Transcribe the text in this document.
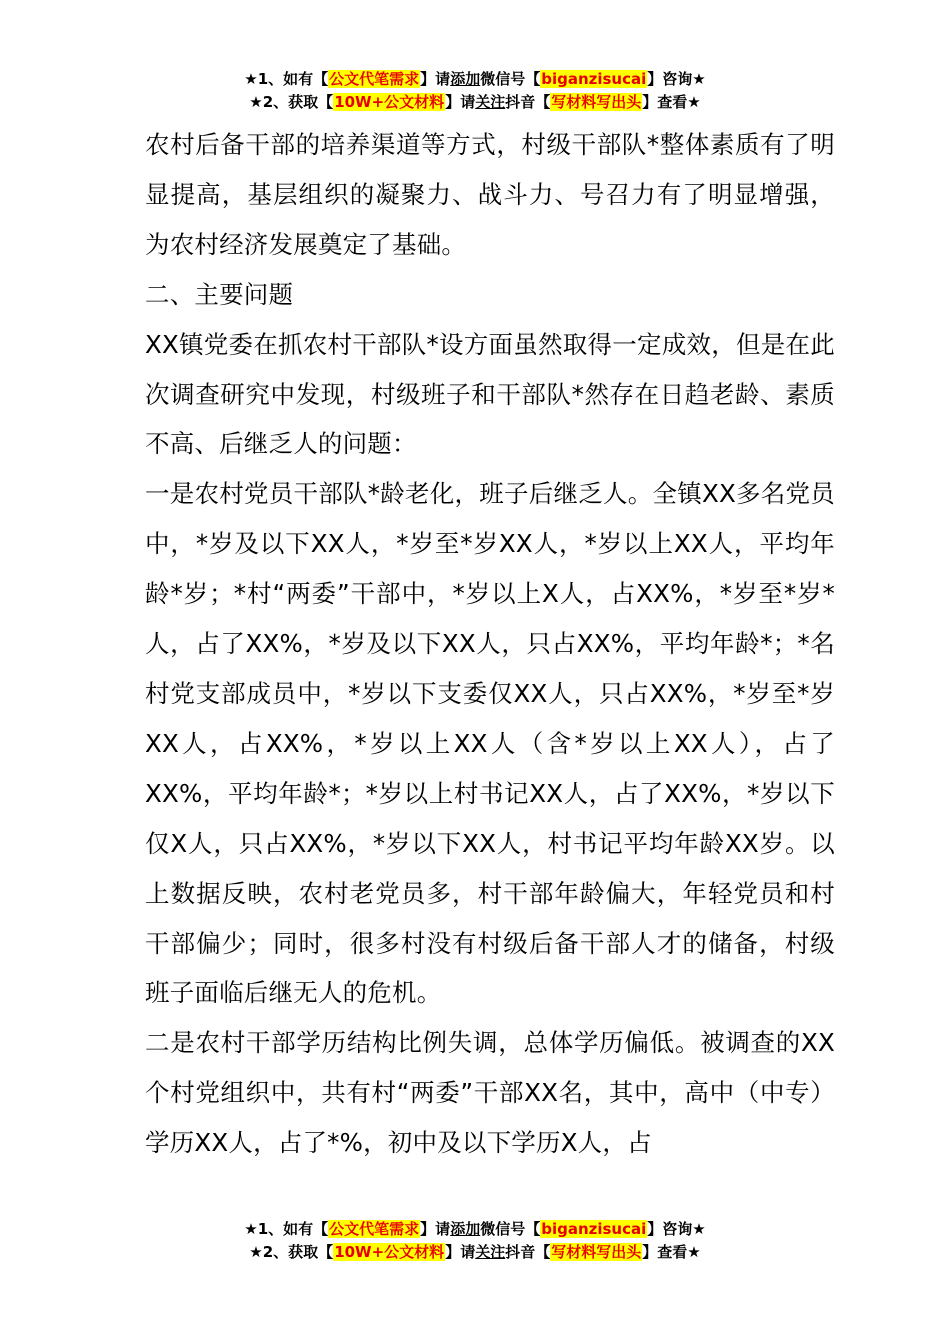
★1、如有【公文代笔需求】请添加微信号【biganzisucai】咨询★
★2、获取【10W+公文材料】请关注抖音【写材料写出头】查看★

农村后备干部的培养渠道等方式，村级干部队*整体素质有了明显提高，基层组织的凝聚力、战斗力、号召力有了明显增强，为农村经济发展奠定了基础。

二、主要问题

XX镇党委在抓农村干部队*设方面虽然取得一定成效，但是在此次调查研究中发现，村级班子和干部队*然存在日趋老龄、素质不高、后继乏人的问题：

一是农村党员干部队*龄老化，班子后继乏人。全镇XX多名党员中，*岁及以下XX人，*岁至*岁XX人，*岁以上XX人，平均年龄*岁；*村“两委”干部中，*岁以上X人，占XX%，*岁至*岁*人，占了XX%，*岁及以下XX人，只占XX%，平均年龄*；*名村党支部成员中，*岁以下支委仅XX人，只占XX%，*岁至*岁XX人，占XX%，*岁以上XX人（含*岁以上XX人），占了XX%，平均年龄*；*岁以上村书记XX人，占了XX%，*岁以下仅X人，只占XX%，*岁以下XX人，村书记平均年龄XX岁。以上数据反映，农村老党员多，村干部年龄偏大，年轻党员和村干部偏少；同时，很多村没有村级后备干部人才的储备，村级班子面临后继无人的危机。

二是农村干部学历结构比例失调，总体学历偏低。被调查的XX个村党组织中，共有村“两委”干部XX名，其中，高中（中专）学历XX人，占了*%，初中及以下学历X人，占

★1、如有【公文代笔需求】请添加微信号【biganzisucai】咨询★
★2、获取【10W+公文材料】请关注抖音【写材料写出头】查看★
